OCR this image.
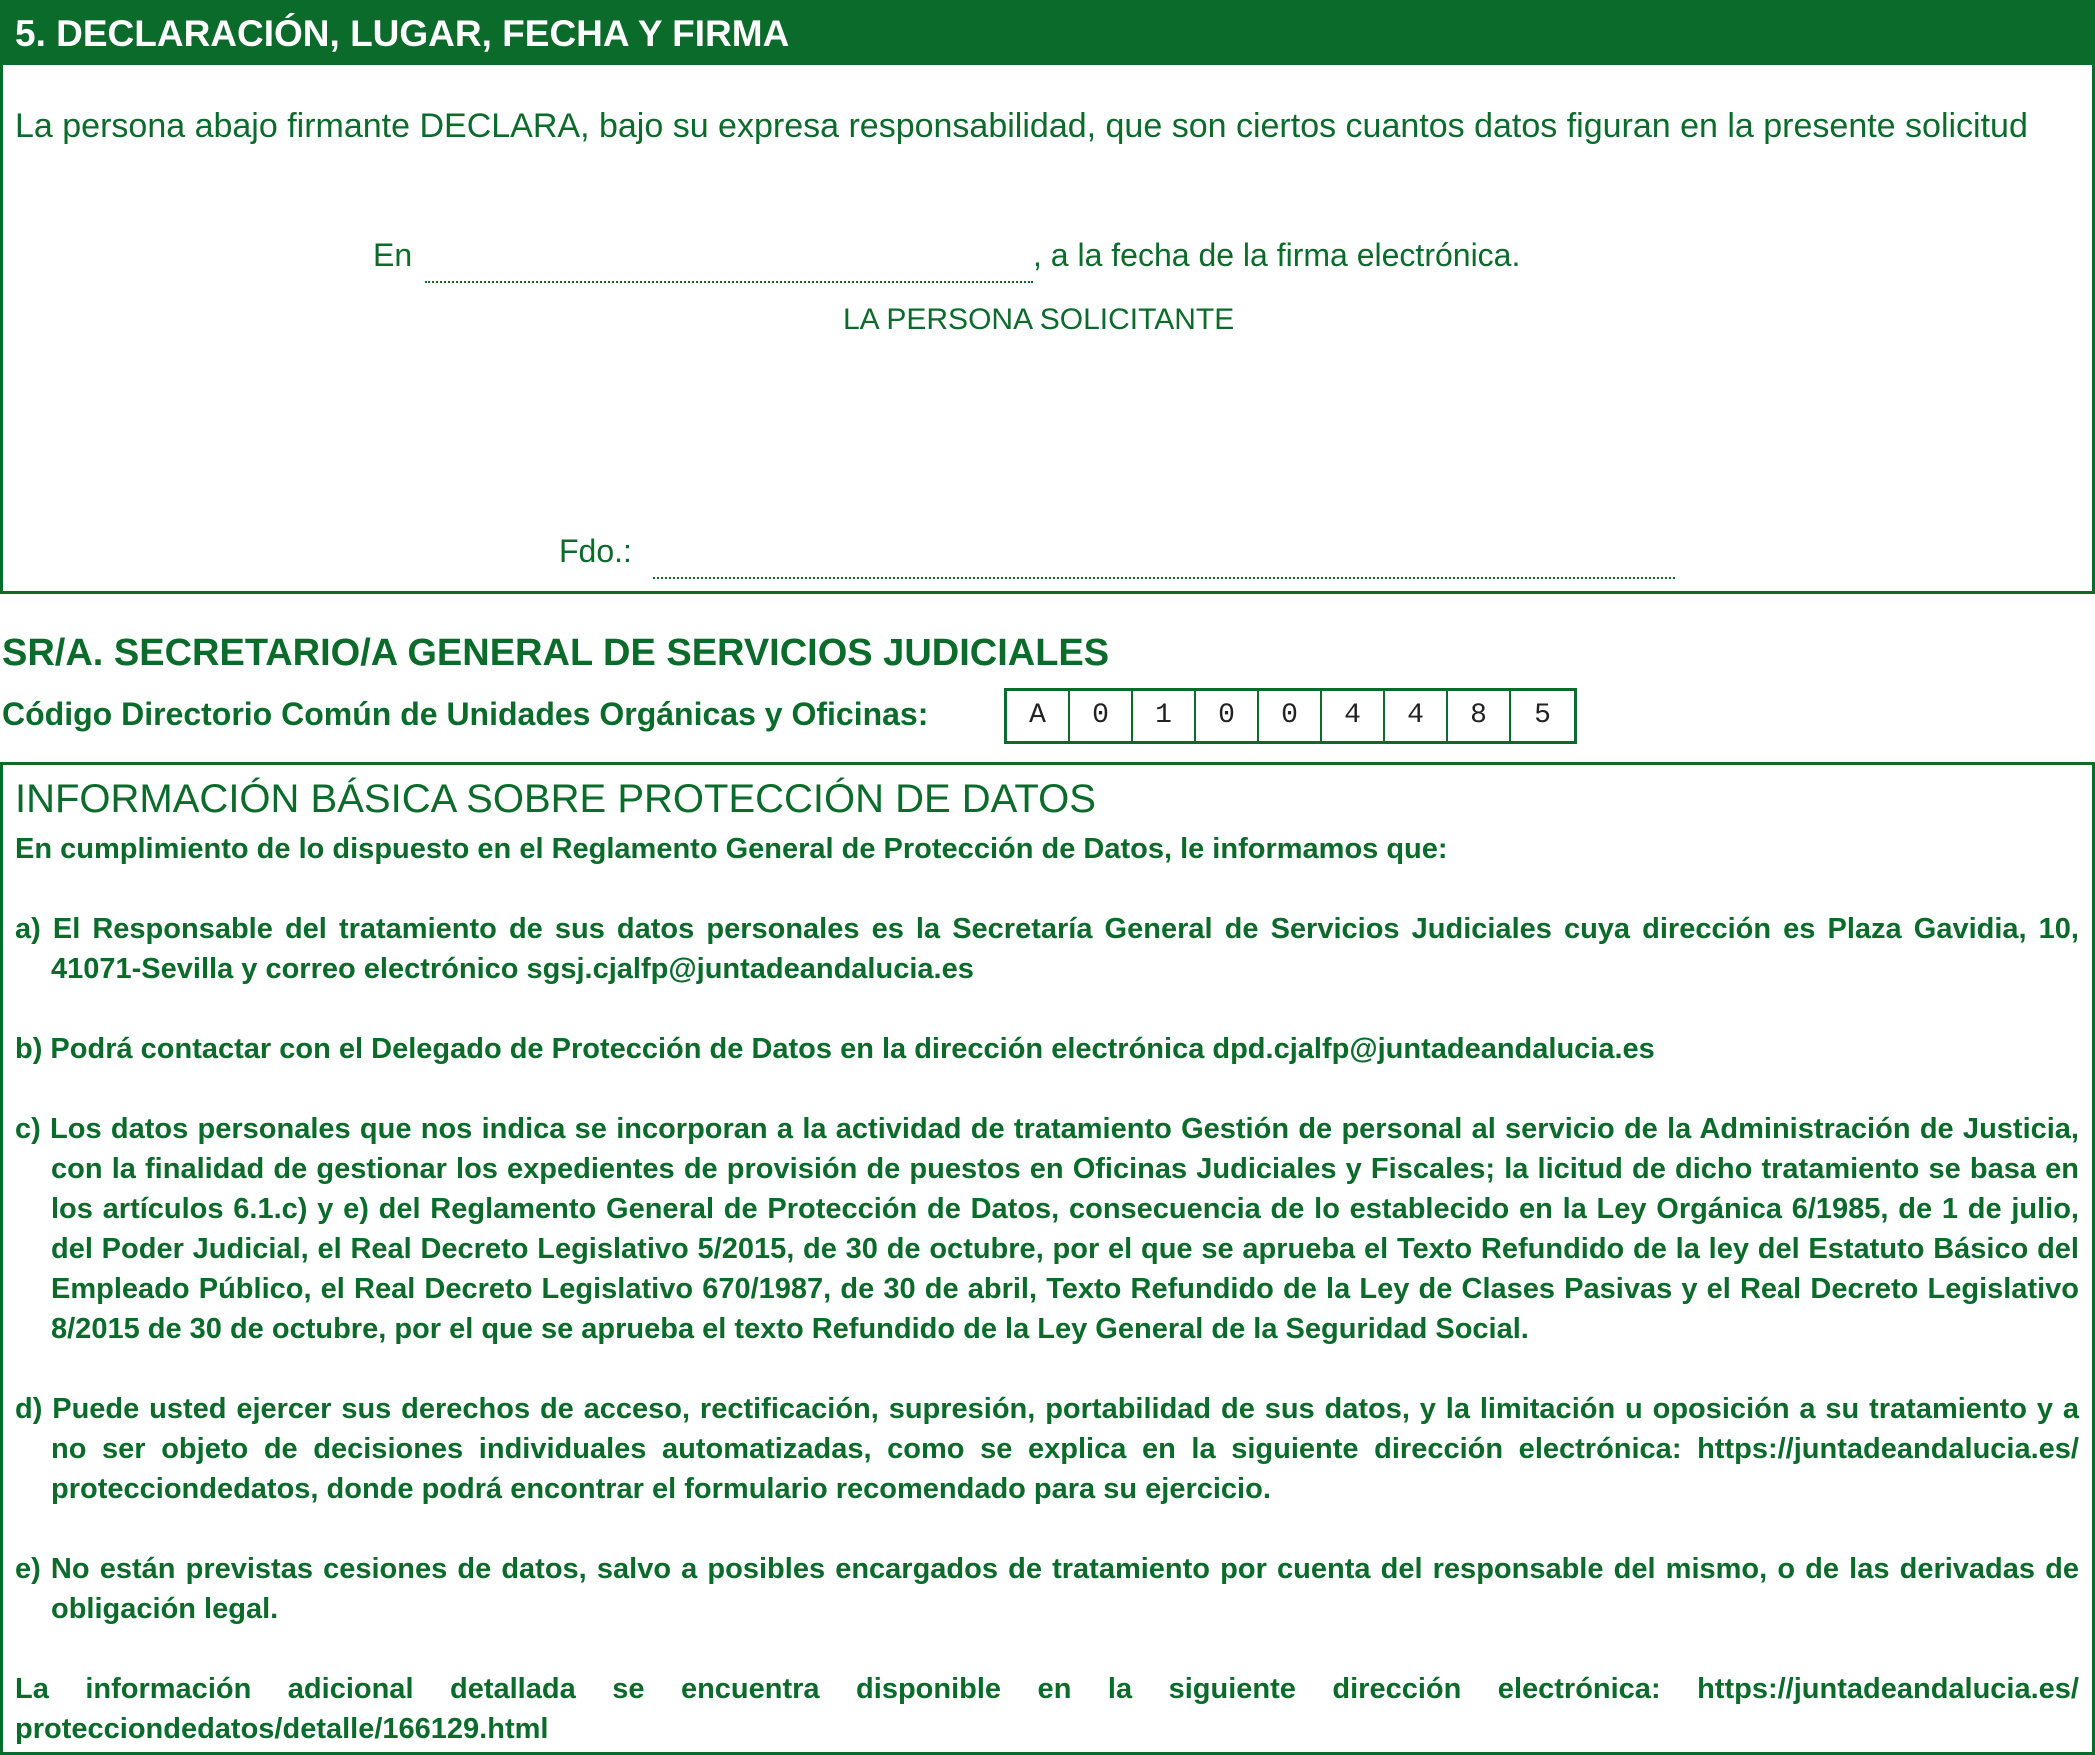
5. DECLARACIÓN, LUGAR, FECHA Y FIRMA
La persona abajo firmante DECLARA, bajo su expresa responsabilidad, que son ciertos cuantos datos figuran en la presente solicitud
En	, a la fecha de la firma electrónica.
LA PERSONA SOLICITANTE
Fdo.:
SR/A. SECRETARIO/A GENERAL DE SERVICIOS JUDICIALES
Código Directorio Común de Unidades Orgánicas y Oficinas:	A	0	1	0	0	4	4	8	5
INFORMACIÓN BÁSICA SOBRE PROTECCIÓN DE DATOS
En cumplimiento de lo dispuesto en el Reglamento General de Protección de Datos, le informamos que:
a) El Responsable del tratamiento de sus datos personales es la Secretaría General de Servicios Judiciales cuya dirección es Plaza Gavidia, 10, 41071-Sevilla y correo electrónico sgsj.cjalfp@juntadeandalucia.es
b) Podrá contactar con el Delegado de Protección de Datos en la dirección electrónica dpd.cjalfp@juntadeandalucia.es
c) Los datos personales que nos indica se incorporan a la actividad de tratamiento Gestión de personal al servicio de la Administración de Justicia, con la finalidad de gestionar los expedientes de provisión de puestos en Oficinas Judiciales y Fiscales; la licitud de dicho tratamiento se basa en los artículos 6.1.c) y e) del Reglamento General de Protección de Datos, consecuencia de lo establecido en la Ley Orgánica 6/1985, de 1 de julio, del Poder Judicial, el Real Decreto Legislativo 5/2015, de 30 de octubre, por el que se aprueba el Texto Refundido de la ley del Estatuto Básico del Empleado Público, el Real Decreto Legislativo 670/1987, de 30 de abril, Texto Refundido de la Ley de Clases Pasivas y el Real Decreto Legislativo 8/2015 de 30 de octubre, por el que se aprueba el texto Refundido de la Ley General de la Seguridad Social.
d) Puede usted ejercer sus derechos de acceso, rectificación, supresión, portabilidad de sus datos, y la limitación u oposición a su tratamiento y a no ser objeto de decisiones individuales automatizadas, como se explica en la siguiente dirección electrónica: https://juntadeandalucia.es/ protecciondedatos, donde podrá encontrar el formulario recomendado para su ejercicio.
e) No están previstas cesiones de datos, salvo a posibles encargados de tratamiento por cuenta del responsable del mismo, o de las derivadas de obligación legal.
La información adicional detallada se encuentra disponible en la siguiente dirección electrónica: https://juntadeandalucia.es/ protecciondedatos/detalle/166129.html
